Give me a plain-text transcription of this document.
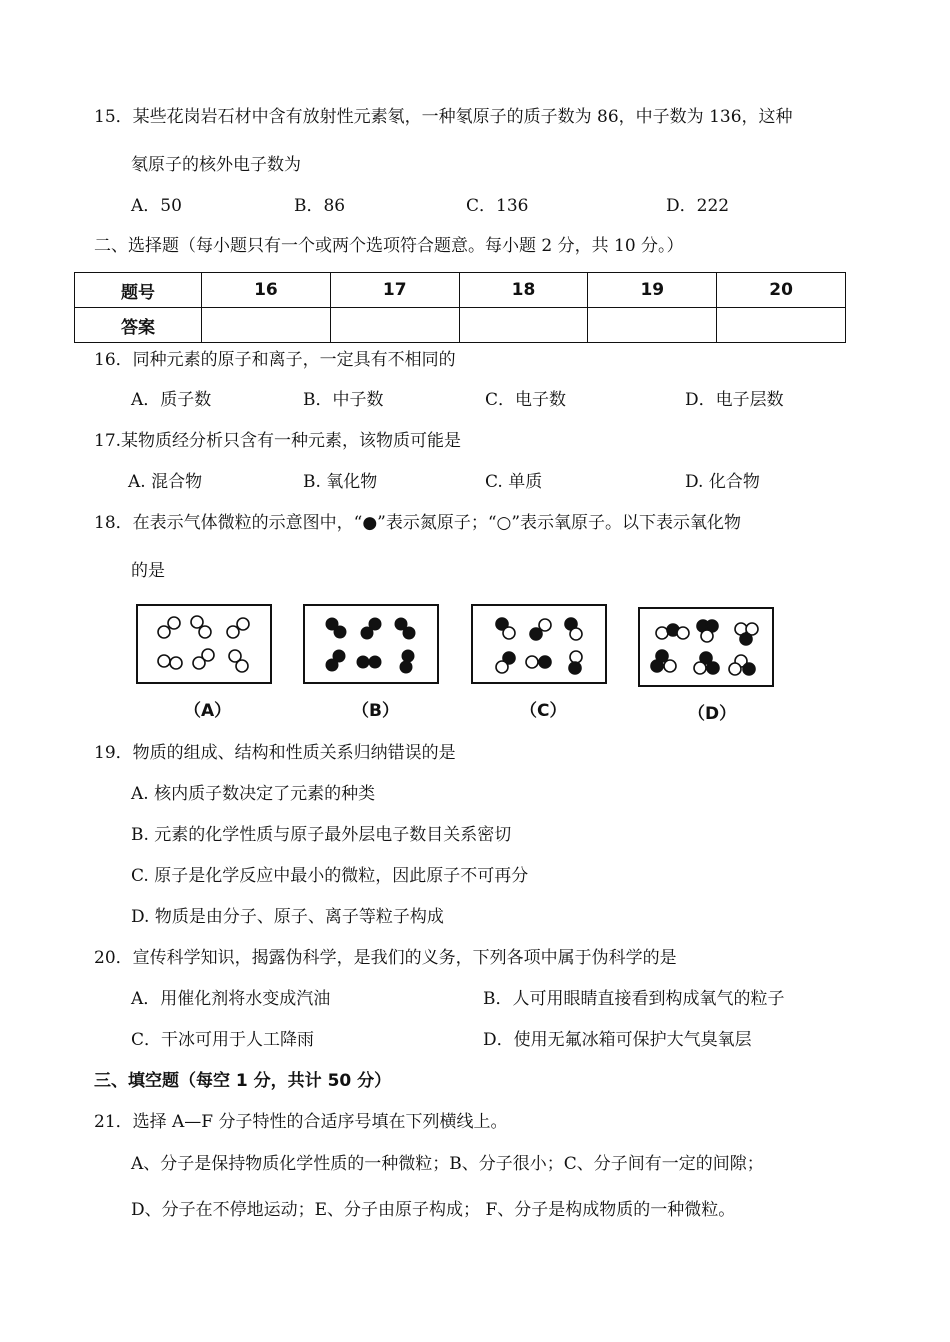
15．某些花岗岩石材中含有放射性元素氡，一种氡原子的质子数为 86，中子数为 136，这种
氡原子的核外电子数为
A．50	B．86	C．136	D．222
二、选择题（每小题只有一个或两个选项符合题意。每小题 2 分，共 10 分。）
题号	16	17	18	19	20
答案					
16．同种元素的原子和离子，一定具有不相同的
A．质子数	B．中子数	C．电子数	D．电子层数
17.某物质经分析只含有一种元素，该物质可能是
A. 混合物	B. 氧化物	C. 单质	D. 化合物
18．在表示气体微粒的示意图中，“●”表示氮原子；“○”表示氧原子。以下表示氧化物
的是
（A）	（B）	（C）	（D）
19．物质的组成、结构和性质关系归纳错误的是
A. 核内质子数决定了元素的种类
B. 元素的化学性质与原子最外层电子数目关系密切
C. 原子是化学反应中最小的微粒，因此原子不可再分
D. 物质是由分子、原子、离子等粒子构成
20．宣传科学知识，揭露伪科学，是我们的义务，下列各项中属于伪科学的是
A．用催化剂将水变成汽油	B．人可用眼睛直接看到构成氧气的粒子
C．干冰可用于人工降雨	D．使用无氟冰箱可保护大气臭氧层
三、填空题（每空 1 分，共计 50 分）
21．选择 A—F 分子特性的合适序号填在下列横线上。
A、分子是保持物质化学性质的一种微粒；B、分子很小；C、分子间有一定的间隙；
D、分子在不停地运动；E、分子由原子构成； F、分子是构成物质的一种微粒。
